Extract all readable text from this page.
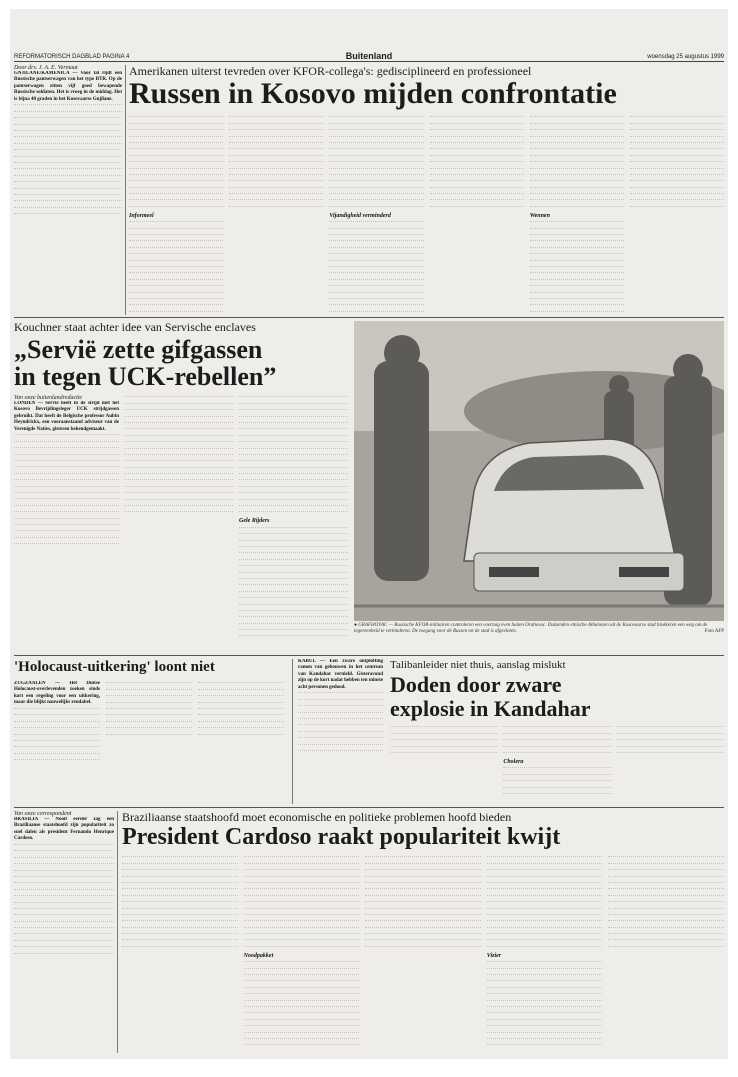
REFORMATORISCH DAGBLAD PAGINA 4	Buitenland	woensdag 25 augustus 1999
Door drs. J. A. E. Vermaat
GNJILANE/KAMENICA — Voor tal rijdt een Russische pantserwagen van het type BTR. Op de pantserwagen zitten vijf goed bewapende Russische soldaten. Het is vroeg in de middag. Het is bijna 40 graden in het Kosovaarse Gnjilane.
Amerikanen uiterst tevreden over KFOR-collega's: gedisciplineerd en professioneel
Russen in Kosovo mijden confrontatie
Informeel	Vijandigheid verminderd	Wennen
Kouchner staat achter idee van Servische enclaves
„Servië zette gifgassen
in tegen UCK-rebellen”
Van onze buitenlandredactie
LONDEN — Servië heeft in de strijd met het Kosovo Bevrijdingsleger UCK strijdgassen gebruikt. Dat heeft de Belgische professor Aubin Heyndrickx, een vooraanstaand adviseur van de Verenigde Naties, gisteren bekendgemaakt.
Gele Rijders
● GRAFHOVAC — Russische KFOR-militairen controleren een voertuig even buiten Orahovac. Duizenden etnische Albanezen uit de Kosovaarse stad blokkeren een weg om de legereenheid te verhinderen. De toegang voor de Russen tot de stad is afgesloten.	Foto AFP
'Holocaust-uitkering' loont niet
ZUGZAALEN — Het Duitse Holocaust-overlevenden zoeken sinds kort een regeling voor een uitkering, maar die blijkt nauwelijks rendabel.
KABUL — Een zware ontploffing ramen van gebouwen in het centrum van Kandahar vernield. Gisteravond zijn op de kort nadat hebben ten minste acht personen gedood.
Talibanleider niet thuis, aanslag mislukt
Doden door zware
explosie in Kandahar
Cholera
Van onze correspondent
BRASILIA — Nooit eerder zag een Braziliaanse staatshoofd zijn populariteit zo snel dalen als president Fernando Henrique Cardoso.
Braziliaanse staatshoofd moet economische en politieke problemen hoofd bieden
President Cardoso raakt populariteit kwijt
Noodpakket	Vizier
